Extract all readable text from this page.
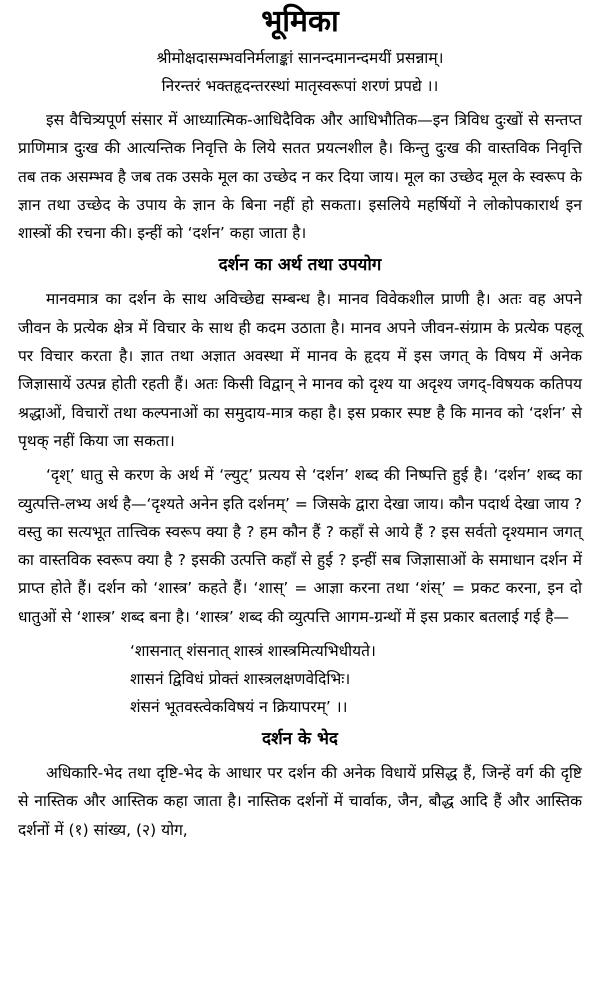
भूमिका
श्रीमोक्षदासम्भवनिर्मलाङ्कां सानन्दमानन्दमयीं प्रसन्नाम्।
निरन्तरं भक्तहृदन्तरस्थां मातृस्वरूपां शरणं प्रपद्ये ।।

इस वैचित्र्यपूर्ण संसार में आध्यात्मिक-आधिदैविक और आधिभौतिक—इन त्रिविध दुःखों से सन्तप्त प्राणिमात्र दुःख की आत्यन्तिक निवृत्ति के लिये सतत प्रयत्नशील है। किन्तु दुःख की वास्तविक निवृत्ति तब तक असम्भव है जब तक उसके मूल का उच्छेद न कर दिया जाय। मूल का उच्छेद मूल के स्वरूप के ज्ञान तथा उच्छेद के उपाय के ज्ञान के बिना नहीं हो सकता। इसलिये महर्षियों ने लोकोपकारार्थ इन शास्त्रों की रचना की। इन्हीं को ‘दर्शन’ कहा जाता है।

दर्शन का अर्थ तथा उपयोग

मानवमात्र का दर्शन के साथ अविच्छेद्य सम्बन्ध है। मानव विवेकशील प्राणी है। अतः वह अपने जीवन के प्रत्येक क्षेत्र में विचार के साथ ही कदम उठाता है। मानव अपने जीवन-संग्राम के प्रत्येक पहलू पर विचार करता है। ज्ञात तथा अज्ञात अवस्था में मानव के हृदय में इस जगत् के विषय में अनेक जिज्ञासायें उत्पन्न होती रहती हैं। अतः किसी विद्वान् ने मानव को दृश्य या अदृश्य जगद्-विषयक कतिपय श्रद्धाओं, विचारों तथा कल्पनाओं का समुदाय-मात्र कहा है। इस प्रकार स्पष्ट है कि मानव को ‘दर्शन’ से पृथक् नहीं किया जा सकता।

‘दृश्’ धातु से करण के अर्थ में ‘ल्युट्’ प्रत्यय से ‘दर्शन’ शब्द की निष्पत्ति हुई है। ‘दर्शन’ शब्द का व्युत्पत्ति-लभ्य अर्थ है—‘दृश्यते अनेन इति दर्शनम्’ = जिसके द्वारा देखा जाय। कौन पदार्थ देखा जाय ? वस्तु का सत्यभूत तात्त्विक स्वरूप क्या है ? हम कौन हैं ? कहाँ से आये हैं ? इस सर्वतो दृश्यमान जगत् का वास्तविक स्वरूप क्या है ? इसकी उत्पत्ति कहाँ से हुई ? इन्हीं सब जिज्ञासाओं के समाधान दर्शन में प्राप्त होते हैं। दर्शन को ‘शास्त्र’ कहते हैं। ‘शास्’ = आज्ञा करना तथा ‘शंस्’ = प्रकट करना, इन दो धातुओं से ‘शास्त्र’ शब्द बना है। ‘शास्त्र’ शब्द की व्युत्पत्ति आगम-ग्रन्थों में इस प्रकार बतलाई गई है—

‘शासनात् शंसनात् शास्त्रं शास्त्रमित्यभिधीयते।
शासनं द्विविधं प्रोक्तं शास्त्रलक्षणवेदिभिः।
शंसनं भूतवस्त्वेकविषयं न क्रियापरम्’ ।।
दर्शन के भेद

अधिकारि-भेद तथा दृष्टि-भेद के आधार पर दर्शन की अनेक विधायें प्रसिद्ध हैं, जिन्हें वर्ग की दृष्टि से नास्तिक और आस्तिक कहा जाता है। नास्तिक दर्शनों में चार्वाक, जैन, बौद्ध आदि हैं और आस्तिक दर्शनों में (१) सांख्य, (२) योग,
